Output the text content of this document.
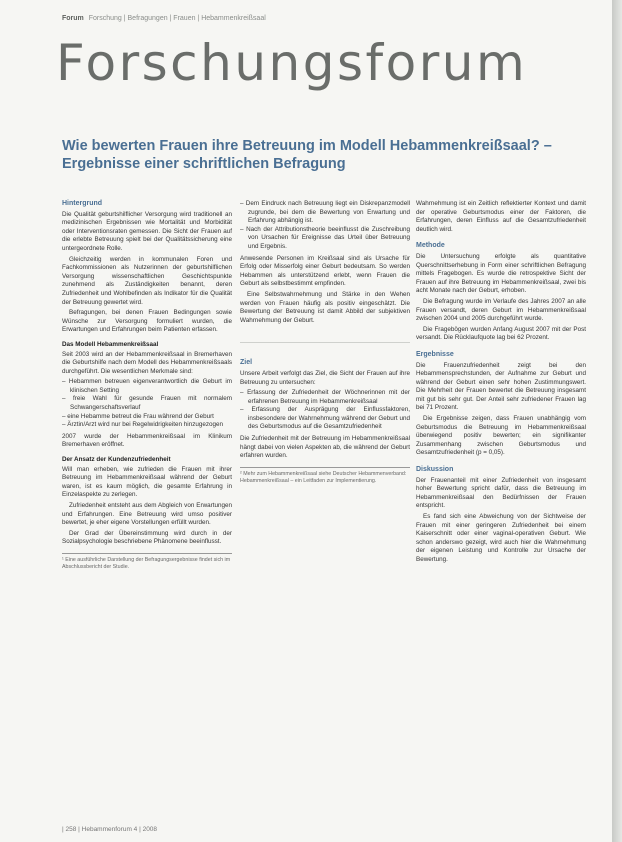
Forum Forschung | Befragungen | Frauen | Hebammenkreißsaal
Forschungsforum
Wie bewerten Frauen ihre Betreuung im Modell Hebammenkreißsaal? – Ergebnisse einer schriftlichen Befragung
Hintergrund

Die Qualität geburtshilflicher Versorgung wird traditionell an medizinischen Ergebnissen wie Mortalität und Morbidität oder Interventionsraten gemessen. Die Sicht der Frauen auf die erlebte Betreuung spielt bei der Qualitätssicherung eine untergeordnete Rolle.

Gleichzeitig werden in kommunalen Foren und Fachkommissionen als Nutzerinnen der geburtshilflichen Versorgung wissenschaftlichen Geschichtspunkte zunehmend als Zuständigkeiten benannt, deren Zufriedenheit und Wohlbefinden als Indikator für die Qualität der Betreuung gewertet wird.

Befragungen, bei denen Frauen Bedingungen sowie Wünsche zur Versorgung formuliert wurden, die Erwartungen und Erfahrungen beim Patienten erfassen.

Das Modell Hebammenkreißsaal

Seit 2003 wird an der Hebammenkreißsaal in Bremerhaven die Geburtshilfe nach dem Modell des Hebammenkreißsaals durchgeführt. Die wesentlichen Merkmale sind:

– Hebammen betreuen eigenverantwortlich die Geburt im klinischen Setting
– freie Wahl für gesunde Frauen mit normalem Schwangerschaftsverlauf
– eine Hebamme betreut die Frau während der Geburt
– Ärztin/Arzt wird nur bei Regelwidrigkeiten hinzugezogen

2007 wurde der Hebammenkreißsaal im Klinikum Bremerhaven eröffnet.

Der Ansatz der Kundenzufriedenheit

Will man erheben, wie zufrieden die Frauen mit ihrer Betreuung im Hebammenkreißsaal während der Geburt waren, ist es kaum möglich, die gesamte Erfahrung in Einzelaspekte zu zerlegen.

Zufriedenheit entsteht aus dem Abgleich von Erwartungen und Erfahrungen. Eine Betreuung wird umso positiver bewertet, je eher eigene Vorstellungen erfüllt wurden.

Der Grad der Übereinstimmung wird durch in der Sozialpsychologie beschriebene Phänomene beeinflusst.

¹ Eine ausführliche Darstellung der Befragungsergebnisse findet sich im Abschlussbericht der Studie.
– Dem Eindruck nach Betreuung liegt ein Diskrepanzmodell zugrunde, bei dem die Bewertung von Erwartung und Erfahrung abhängig ist.
– Nach der Attributionstheorie beeinflusst die Zuschreibung von Ursachen für Ereignisse das Urteil über Betreuung und Ergebnis.

Anwesende Personen im Kreißsaal sind als Ursache für Erfolg oder Misserfolg einer Geburt bedeutsam. So werden Hebammen als unterstützend erlebt, wenn Frauen die Geburt als selbstbestimmt empfinden.

Eine Selbstwahrnehmung und Stärke in den Wehen werden von Frauen häufig als positiv eingeschätzt. Die Bewertung der Betreuung ist damit Abbild der subjektiven Wahrnehmung der Geburt.

Ziel

Unsere Arbeit verfolgt das Ziel, die Sicht der Frauen auf ihre Betreuung zu untersuchen:

– Erfassung der Zufriedenheit der Wöchnerinnen mit der erfahrenen Betreuung im Hebammenkreißsaal
– Erfassung der Ausprägung der Einflussfaktoren, insbesondere der Wahrnehmung während der Geburt und des Geburtsmodus auf die Gesamtzufriedenheit

Die Zufriedenheit mit der Betreuung im Hebammenkreißsaal hängt dabei von vielen Aspekten ab, die während der Geburt erfahren wurden.

² Mehr zum Hebammenkreißsaal siehe Deutscher Hebammenverband: Hebammenkreißsaal – ein Leitfaden zur Implementierung.

Wahrnehmung ist ein Zeitlich reflektierter Kontext und damit der operative Geburtsmodus einer der Faktoren, die Erfahrungen, deren Einfluss auf die Gesamtzufriedenheit deutlich wird.

Methode

Die Untersuchung erfolgte als quantitative Querschnittserhebung in Form einer schriftlichen Befragung mittels Fragebogen. Es wurde die retrospektive Sicht der Frauen auf ihre Betreuung im Hebammenkreißsaal, zwei bis acht Monate nach der Geburt, erhoben.

Die Befragung wurde im Verlaufe des Jahres 2007 an alle Frauen versandt, deren Geburt im Hebammenkreißsaal zwischen 2004 und 2005 durchgeführt wurde.

Die Fragebögen wurden Anfang August 2007 mit der Post versandt. Die Rücklaufquote lag bei 62 Prozent.

Ergebnisse

Die Frauenzufriedenheit zeigt bei den Hebammensprechstunden, der Aufnahme zur Geburt und während der Geburt einen sehr hohen Zustimmungswert. Die Mehrheit der Frauen bewertet die Betreuung insgesamt mit gut bis sehr gut. Der Anteil sehr zufriedener Frauen lag bei 71 Prozent.

Die Ergebnisse zeigen, dass Frauen unabhängig vom Geburtsmodus die Betreuung im Hebammenkreißsaal überwiegend positiv bewerten; ein signifikanter Zusammenhang zwischen Geburtsmodus und Gesamtzufriedenheit (p = 0,05).

Diskussion

Der Frauenanteil mit einer Zufriedenheit von insgesamt hoher Bewertung spricht dafür, dass die Betreuung im Hebammenkreißsaal den Bedürfnissen der Frauen entspricht.

Es fand sich eine Abweichung von der Sichtweise der Frauen mit einer geringeren Zufriedenheit bei einem Kaiserschnitt oder einer vaginal-operativen Geburt. Wie schon anderswo gezeigt, wird auch hier die Wahrnehmung der eigenen Leistung und Kontrolle zur Ursache der Bewertung.

| 258 | Hebammenforum 4 | 2008
